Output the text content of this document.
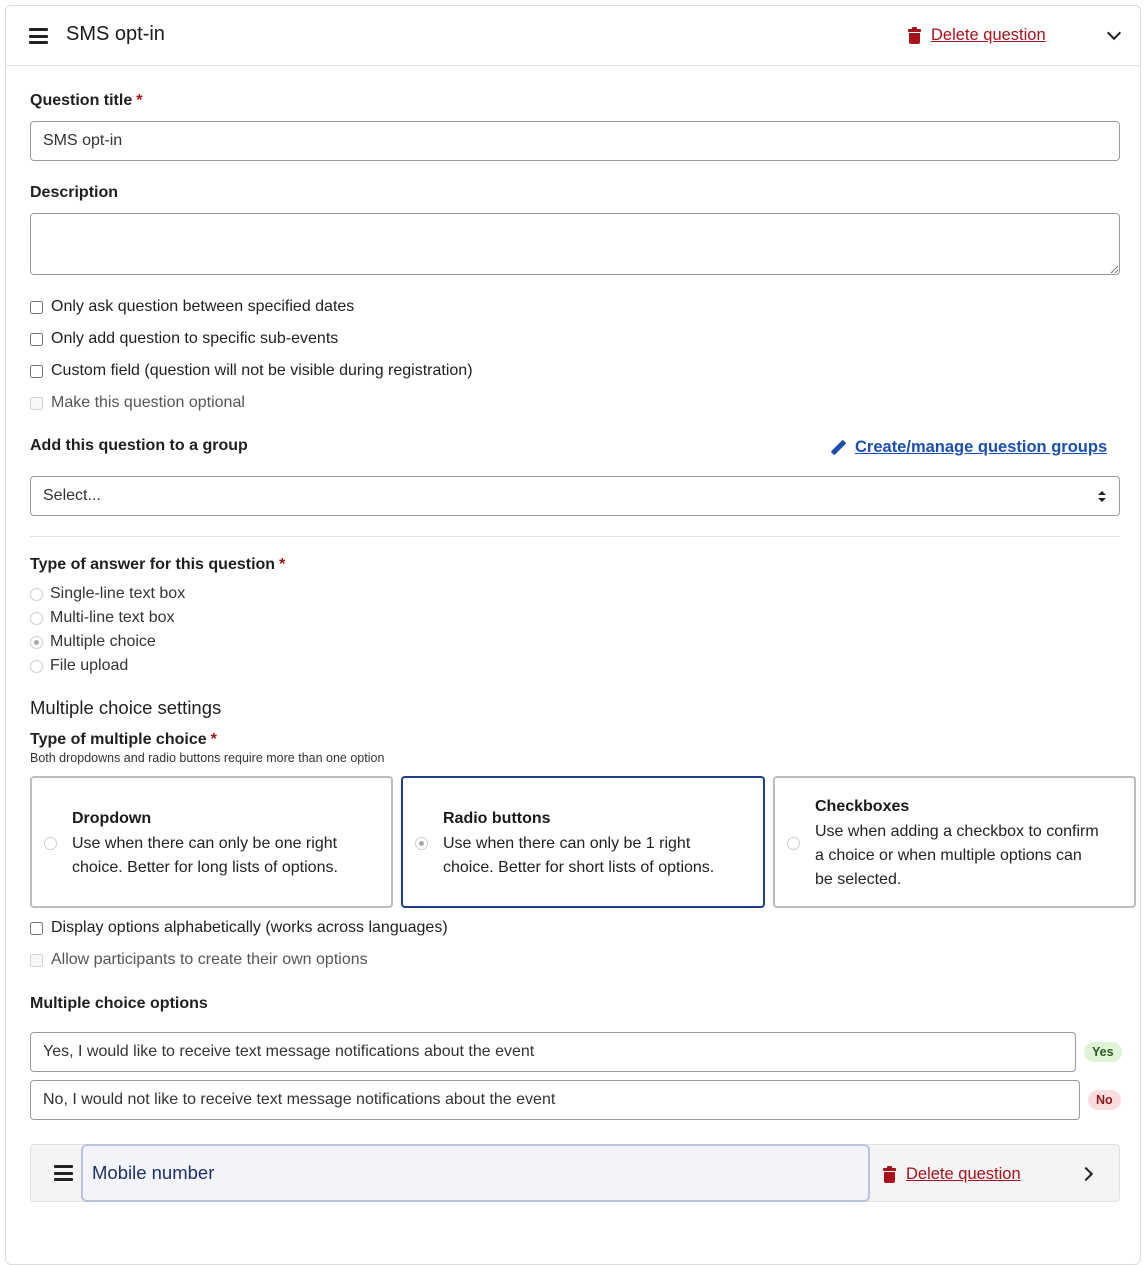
SMS opt-in	Delete question
Question title *
SMS opt-in
Description
Only ask question between specified dates
Only add question to specific sub-events
Custom field (question will not be visible during registration)
Make this question optional
Add this question to a group	Create/manage question groups
Select...
Type of answer for this question *
Single-line text box
Multi-line text box
Multiple choice
File upload
Multiple choice settings
Type of multiple choice *
Both dropdowns and radio buttons require more than one option
Dropdown
Use when there can only be one right
choice. Better for long lists of options.
Radio buttons
Use when there can only be 1 right
choice. Better for short lists of options.
Checkboxes
Use when adding a checkbox to confirm
a choice or when multiple options can
be selected.
Display options alphabetically (works across languages)
Allow participants to create their own options
Multiple choice options
Yes, I would like to receive text message notifications about the event
Yes
No, I would not like to receive text message notifications about the event
No
Mobile number	Delete question
